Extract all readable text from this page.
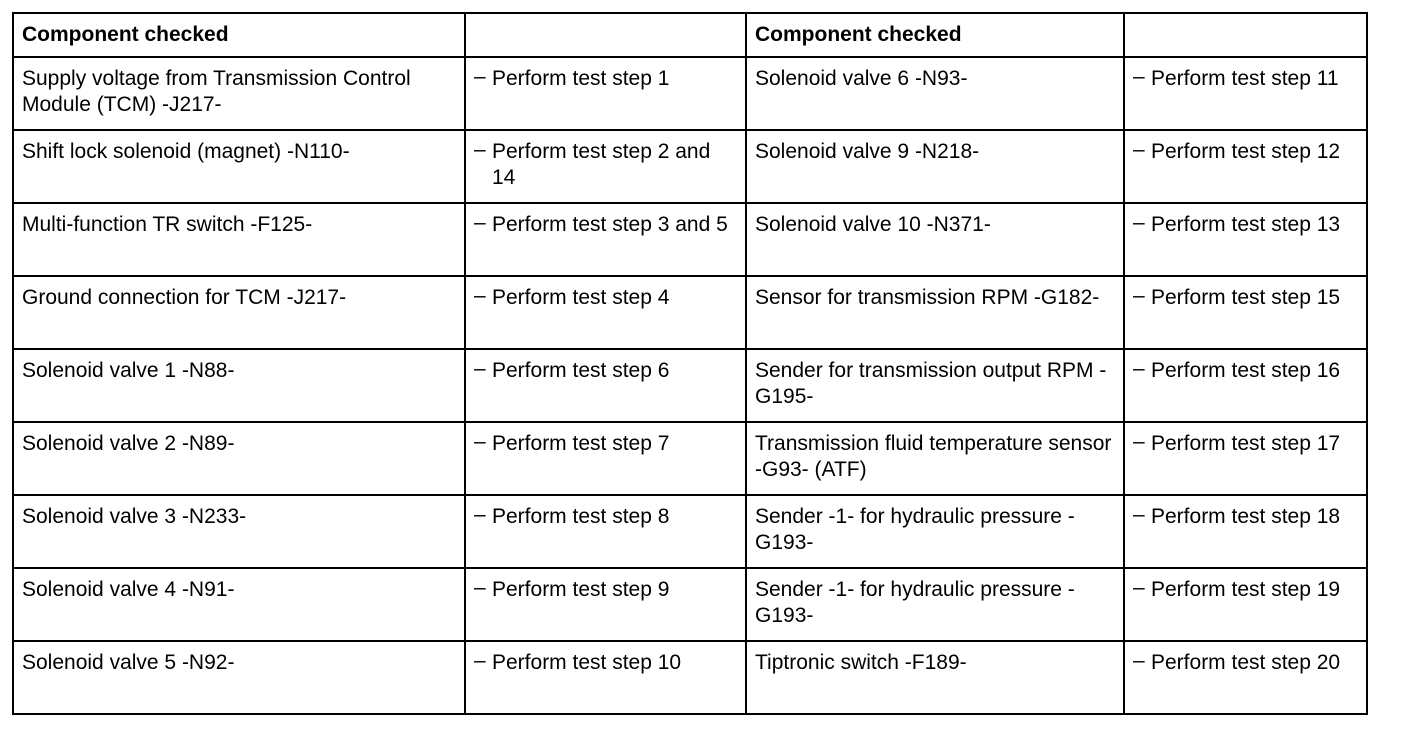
Component checked		Component checked	
Supply voltage from Transmission Control Module (TCM) -J217-	– Perform test step 1	Solenoid valve 6 -N93-	– Perform test step 11

Shift lock solenoid (magnet) -N110-	– Perform test step 2 and 14	Solenoid valve 9 -N218-	– Perform test step 12

Multi-function TR switch -F125-	– Perform test step 3 and 5	Solenoid valve 10 -N371-	– Perform test step 13

Ground connection for TCM -J217-	– Perform test step 4	Sensor for transmission RPM -G182-	– Perform test step 15

Solenoid valve 1 -N88-	– Perform test step 6	Sender for transmission output RPM -G195-	– Perform test step 16

Solenoid valve 2 -N89-	– Perform test step 7	Transmission fluid temperature sensor -G93- (ATF)	– Perform test step 17

Solenoid valve 3 -N233-	– Perform test step 8	Sender -1- for hydraulic pressure -G193-	– Perform test step 18

Solenoid valve 4 -N91-	– Perform test step 9	Sender -1- for hydraulic pressure -G193-	– Perform test step 19

Solenoid valve 5 -N92-	– Perform test step 10	Tiptronic switch -F189-	– Perform test step 20
